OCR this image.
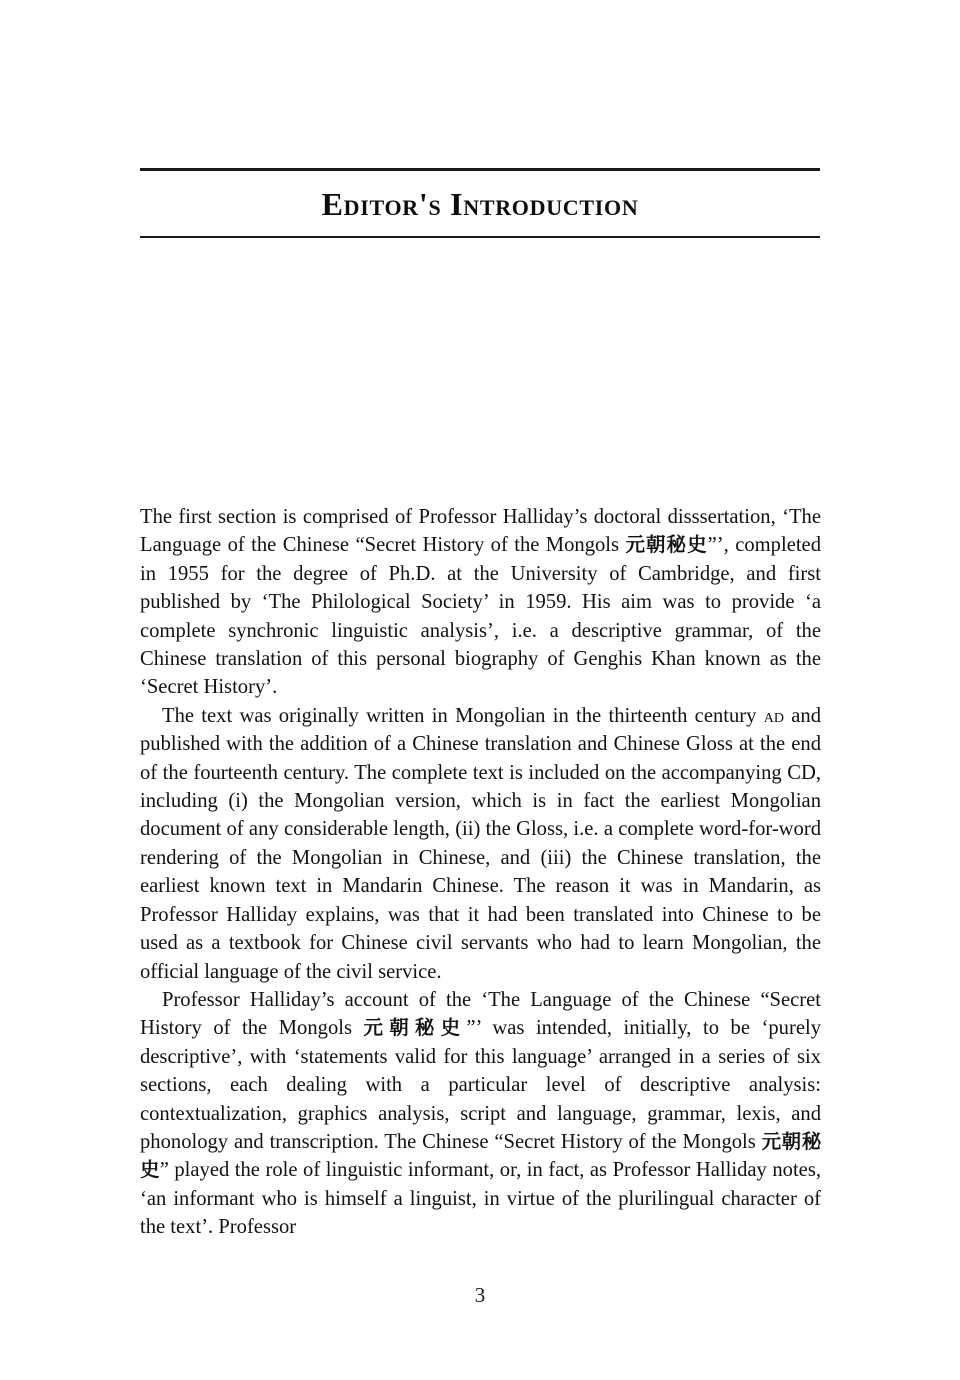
Editor's Introduction

The first section is comprised of Professor Halliday’s doctoral disssertation, ‘The Language of the Chinese “Secret History of the Mongols 元朝秘史”’, completed in 1955 for the degree of Ph.D. at the University of Cambridge, and first published by ‘The Philological Society’ in 1959. His aim was to provide ‘a complete synchronic linguistic analysis’, i.e. a descriptive grammar, of the Chinese translation of this personal biography of Genghis Khan known as the ‘Secret History’.

The text was originally written in Mongolian in the thirteenth century ad and published with the addition of a Chinese translation and Chinese Gloss at the end of the fourteenth century. The complete text is included on the accompanying CD, including (i) the Mongolian version, which is in fact the earliest Mongolian document of any considerable length, (ii) the Gloss, i.e. a complete word-for-word rendering of the Mongolian in Chinese, and (iii) the Chinese translation, the earliest known text in Mandarin Chinese. The reason it was in Mandarin, as Professor Halliday explains, was that it had been translated into Chinese to be used as a textbook for Chinese civil servants who had to learn Mongolian, the official language of the civil service.

Professor Halliday’s account of the ‘The Language of the Chinese “Secret History of the Mongols 元朝秘史”’ was intended, initially, to be ‘purely descriptive’, with ‘statements valid for this language’ arranged in a series of six sections, each dealing with a particular level of descriptive analysis: contextualization, graphics analysis, script and language, grammar, lexis, and phonology and transcription. The Chinese “Secret History of the Mongols 元朝秘史” played the role of linguistic informant, or, in fact, as Professor Halliday notes, ‘an informant who is himself a linguist, in virtue of the plurilingual character of the text’. Professor

3
